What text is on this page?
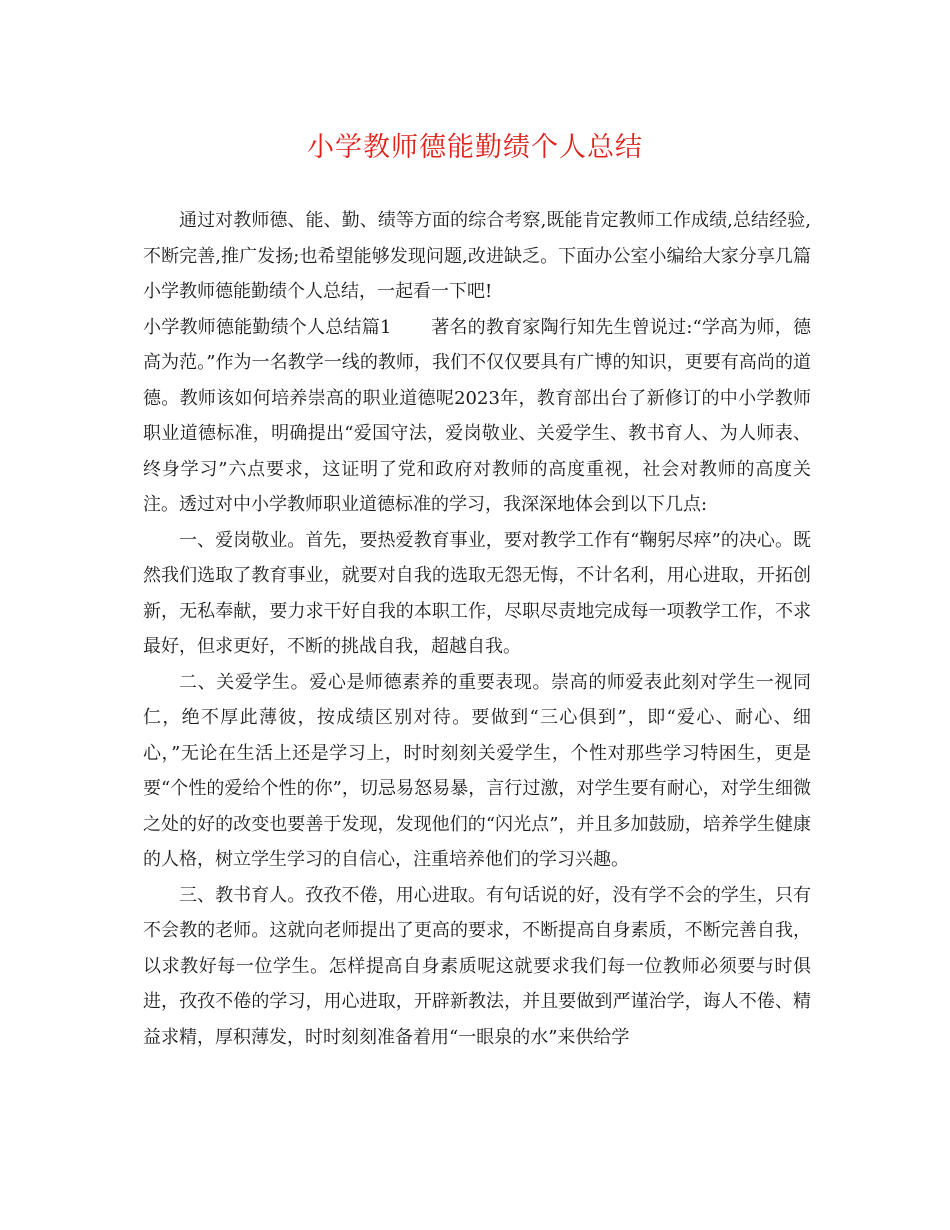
小学教师德能勤绩个人总结

通过对教师德、能、勤、绩等方面的综合考察,既能肯定教师工作成绩,总结经验,不断完善,推广发扬;也希望能够发现问题,改进缺乏。下面办公室小编给大家分享几篇小学教师德能勤绩个人总结，一起看一下吧!

小学教师德能勤绩个人总结篇1 著名的教育家陶行知先生曾说过:“学高为师，德高为范。”作为一名教学一线的教师，我们不仅仅要具有广博的知识，更要有高尚的道德。教师该如何培养崇高的职业道德呢2023年，教育部出台了新修订的中小学教师职业道德标准，明确提出“爱国守法，爱岗敬业、关爱学生、教书育人、为人师表、终身学习”六点要求，这证明了党和政府对教师的高度重视，社会对教师的高度关注。透过对中小学教师职业道德标准的学习，我深深地体会到以下几点:

一、爱岗敬业。首先，要热爱教育事业，要对教学工作有“鞠躬尽瘁”的决心。既然我们选取了教育事业，就要对自我的选取无怨无悔，不计名利，用心进取，开拓创新，无私奉献，要力求干好自我的本职工作，尽职尽责地完成每一项教学工作，不求最好，但求更好，不断的挑战自我，超越自我。

二、关爱学生。爱心是师德素养的重要表现。崇高的师爱表此刻对学生一视同仁，绝不厚此薄彼，按成绩区别对待。要做到“三心俱到”，即“爱心、耐心、细心，”无论在生活上还是学习上，时时刻刻关爱学生，个性对那些学习特困生，更是要“个性的爱给个性的你”，切忌易怒易暴，言行过激，对学生要有耐心，对学生细微之处的好的改变也要善于发现，发现他们的“闪光点”，并且多加鼓励，培养学生健康的人格，树立学生学习的自信心，注重培养他们的学习兴趣。

三、教书育人。孜孜不倦，用心进取。有句话说的好，没有学不会的学生，只有不会教的老师。这就向老师提出了更高的要求，不断提高自身素质，不断完善自我，以求教好每一位学生。怎样提高自身素质呢这就要求我们每一位教师必须要与时俱进，孜孜不倦的学习，用心进取，开辟新教法，并且要做到严谨治学，诲人不倦、精益求精，厚积薄发，时时刻刻准备着用“一眼泉的水”来供给学
